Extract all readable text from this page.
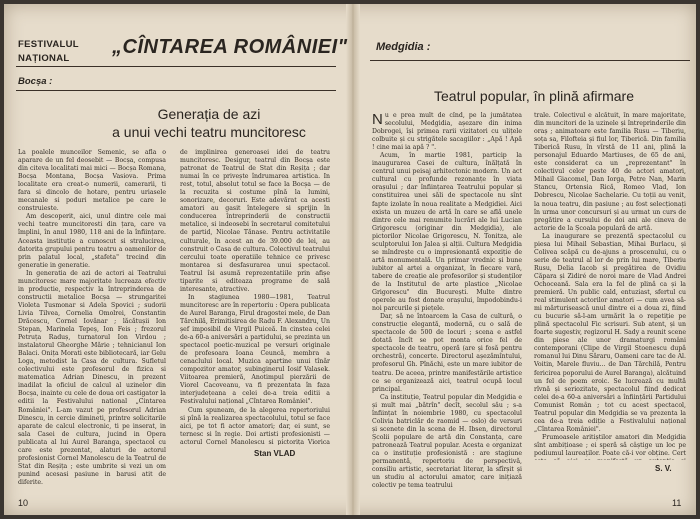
FESTIVALUL
NAȚIONAL
„CÎNTAREA ROMÂNIEI"
Bocșa :
Generația de azi
a unui vechi teatru muncitoresc

La poalele munceilor Semenic, se afla o aparare de un fel deosebit — Bocșa, compusa din citeva localitati mai mici — Bocșa Romana, Bocșa Montana, Bocșa Vasiova. Prima localitate era creat-o numerii, camerarii, ti fara si dincolo de hotare, pentru uriasele mecanale si poduri metalice pe care le construieste.

Am descoperit, aici, unul dintre cele mai vechi teatre muncitoresti din țara, care va împlini, în anul 1980, 118 ani de la înființare. Aceasta instituție a cunoscut si stralucirea, datorita grupului pentru teatru a oamenilor de prin palatul local, „stafeta" trecind din generatie in generatie.

In generatia de azi de actori ai Teatrului muncitoresc mare majoritate lucreaza efectiv in productie, respectiv la întreprinderea de constructii metalice Bocșa — strungaritei Violeta Tusmonar si Adela Spovici ; sudorii Livia Tilvea, Cornelia Omolrei, Constantin Drăcescu, Cornel Iovănar ; lăcătușii Ion Stepan, Marinela Tepeș, Ion Feis ; frezorul Petruța Raduș, turnatorul Ion Virdou ; instalatorul Gheorghe Mărie ; tehnicianul Ion Balaci. Onița Morati este bibliotecară, iar Gelu Loga, metodist la Casa de cultura. Sufletul colectivului este profesorul de fizica si matematica Adrian Dinescu, in prezent inadilat la oficiul de calcul al uzinelor din Bocșa, inainte cu cele de doua ori castigator la editii la Festivalului national „Cintarea României". L-am vazut pe profesorul Adrian Dinescu, in cercie dimineti, printre solicitarile aparate de calcul electronic, ti pe inserat, in sala Casei de cultura, jucind in Opera publicata al lui Aurel Baranga, spectacol cu care este prezentat, alaturi de actorul profesionist Cornel Manolescu de la Teatrul de Stat din Reșița ; este umbrite si vezi un om punind acesasi pasiune in barusi atit de diferite.

de implinirea generoasei idei de teatru muncitoresc. Desigur, teatrul din Bocșa este patronat de Teatrul de Stat din Reșița ; dar numai în ce privește îndrumarea artistica. In rest, totul, absolut totul se face la Bocșa — de la recuzita si costume pînă la lumini, sonorizare, decoruri. Este adevărat ca acesti amatori au gasit întelegere si sprijin în conducerea întreprinderii de constructii metalice, si indeosebi în secretarul comitetului de partid, Nicolae Tănase. Pentru activitatile culturale, în acest an de 39.000 de lei, au construit o Casa de cultura. Colectivul teatrului cercului toate operatiile tehnice ce privesc montarea si desfasurarea unui spectacol. Teatrul îsi asumă reprezentatiile prin afișe tiparite si editeaza programe de sală interesante, atractive.

In stagiunea 1980—1981, Teatrul muncitoresc are în repertoriu : Opera publicata de Aurel Baranga, Firul dragostei mele, de Dan Tărchilă, Erimitisirea de Radu F. Alexandru, Un șef imposibil de Virgil Puiceă. In cinstea celei de-a 60-a aniversări a partidului, se prezinta un spectacol poetic-muzical pe versuri originale de profesoara Ioana Ceuncă, membra a cenaclului local. Muzica apartine unui tînăr compozitor amator, subinginerul Iosif Valasek. Viitoarea premieră, Anotimpul pierzării de Viorel Cacoveanu, va fi prezentata în faza interjudețeana a celei de-a treia editii a Festivalului național „Cîntarea României".

Cum spuneam, de la alegerea repertoriului si pînă la realizarea spectacolului, totul se face aici, pe tot fi actor amatori; dar, ei sunt, se ternesc si în regie. Doi artisti profesionisti — actorul Cornel Manolescu si pictorița Viorica

Stan VLAD
10
Medgidia :
Teatrul popular, în plină afirmare

Nu e prea mult de cînd, pe la jumătatea secolului, Medgidia, așezare din inima Dobrogei, își primea rarii vizitatori cu ulițele colbuite și cu strigătele sacagiilor : „Apă ! Apă ! cine mai ia apă ? ".

Acum, în martie 1981, particip la inaugurarea Casei de cultura, înălțată în centrul unui peisaj arhitectonic modern. Un act cultural cu profunde rezonanțe în viata orașului ; dar înființarea Teatrului popular și constituirea unei săli de spectacole nu sînt fapte izolate în noua realitate a Medgidiei. Aici exista un muzeu de artă în care se află unele dintre cele mai renumite lucrări ale lui Lucian Grigorescu (originar din Medgidia), ale pictorilor Nicolae Grigorescu, N. Tonitza, ale sculptorului Ion Jalea și alții. Cultura Medgidia se mîndrește cu o impresionantă expoziție de artă monumentală. Un primar vrednic și bune iubitor al artei a organizat, în fiecare vară, tabere de creație ale profesorilor și studenților de la Institutul de arte plastice „Nicolae Grigorescu" din București. Multe dintre operele au fost donate orașului, împodobindu-i noi parcurile și piețele.

Dar, să ne întoarcem la Casa de cultură, o construcție elegantă, modernă, cu o sală de spectacole de 500 de locuri ; scena e astfel dotată încît se pot monta orice fel de spectacole de teatru, operă (are și fosă pentru orchestră), concerte. Directorul așezămîntului, profesorul Gh. Pînăchi, este un mare iubitor de teatru. De aceea, printre manifestările artistice ce se organizează aici, teatrul ocupă locul principal.

Ca instituție, Teatrul popular din Medgidia e și mult mai „bătrîn" decît, secolul său ; s-a înființat în noiembrie 1980, cu spectacolul Colivia batriclăr de raomid — oslo) de versuri și scenete din la scena de H. Ibsen, directorul Școlii populare de artă din Constanța, care patronează Teatrul popular. Acesta e organizat ca o instituție profesionistă : are stagiune permanentă, repertoriu de perspectivă, consiliu artistic, secretariat literar, la sfîrșit și un studiu al actorului amator, care inițiază colectiv pe tema teatrului

trale. Colectivul e alcătuit, în mare majoritate, din muncitori de la uzinele și întreprinderile din oraș ; animatoare este familia Rusu — Tiberiu, soța sa, Filofteia și fiul lor, Tiberică. Din familia Tiberică Rusu, în vîrstă de 11 ani, plină la personajul Eduardo Martiuses, de 65 de ani, este considerat ca un „reprezentant" în colectivul celor peste 40 de actori amatori, Mihail Giacomel, Dan Iorga, Petre Nan, Marin Stancu, Ortensia Rică, Romeo Vlad, Ion Dobrescu, Nicolae Sachelarie. Cu toții au venit, la noua teatru, din pasiune ; au fost selecționați în urma unor concursuri și au urmat un curs de pregătire a cursului de doi ani ale cineva de actorie de la Școala populară de artă.

La inaugurare se prezentă spectacolul cu piesa lui Mihail Sebastian, Mihai Burlacu, și Colivea scăpă cu de-ajuns a proscenului, cu o serie de teatrul al lor de prin lui mare, Tiberiu Rusu, Delia Iacob și pregătirea de Ovidiu Căpara și Zidiré de noroi mare de Vlad Andrei Ochoceană. Sala era la fel de plină ca și la premieră. Un public cald, entuziast, sfertul cu real stimulent actorilor amatori — cum avea să-mi mărturisească unul dintre ei a doua zi, fiind cu bucurie să-l-am urmărit la o repetiție pe plină spectacolul Fic scrisuri. Sub atent, și un foarte sugestiv, regizorul H. Sady a reunit scene din piese ale unor dramaturgi români contemporani (Clipe de Virgil Stoenescu după romanul lui Dinu Săraru, Oameni care tac de Al. Voitin, Marele fluviu... de Dan Tărchilă, Pentru fericirea poporului de Aurel Baranga), alcătuind un fel de poem eroic. Se lucrează cu multă rîvnă și seriozitate, spectacolul fiind dedicat celei de-a 60-a aniversări a înființării Partidului Comunist Român ; tot cu acest spectacol, Teatrul popular din Medgidia se va prezenta la cea de-a treia ediție a Festivalului național „Cîntarea României".

Frumoasele aritiștilor amatori din Medgidia sînt ambițioase ; ei speră să câștige un loc pe podiumul laureaților. Poate că-i vor obține. Cert

S. V.
11
